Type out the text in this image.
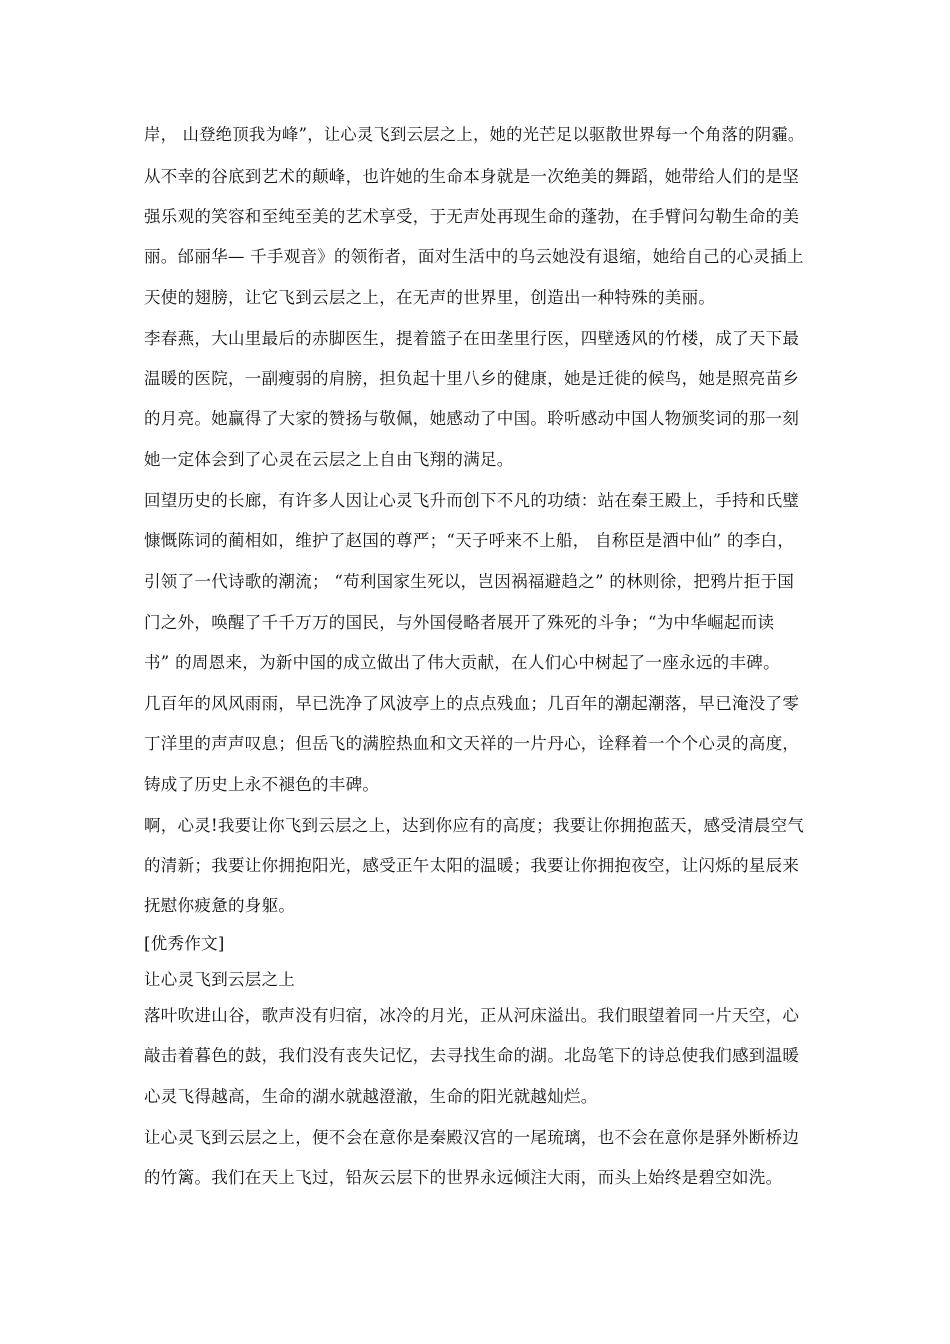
岸， 山登绝顶我为峰”，让心灵飞到云层之上，她的光芒足以驱散世界每一个角落的阴霾。
从不幸的谷底到艺术的颠峰，也许她的生命本身就是一次绝美的舞蹈，她带给人们的是坚
强乐观的笑容和至纯至美的艺术享受，于无声处再现生命的蓬勃，在手臂问勾勒生命的美
丽。邰丽华— 千手观音》的领衔者，面对生活中的乌云她没有退缩，她给自己的心灵插上
天使的翅膀，让它飞到云层之上，在无声的世界里，创造出一种特殊的美丽。
李春燕，大山里最后的赤脚医生，提着篮子在田垄里行医，四壁透风的竹楼，成了天下最
温暖的医院，一副瘦弱的肩膀，担负起十里八乡的健康，她是迁徙的候鸟，她是照亮苗乡
的月亮。她赢得了大家的赞扬与敬佩，她感动了中国。聆听感动中国人物颁奖词的那一刻
她一定体会到了心灵在云层之上自由飞翔的满足。
回望历史的长廊，有许多人因让心灵飞升而创下不凡的功绩：站在秦王殿上，手持和氏璧
慷慨陈词的蔺相如，维护了赵国的尊严；“天子呼来不上船， 自称臣是酒中仙” 的李白，
引领了一代诗歌的潮流； “苟利国家生死以，岂因祸福避趋之” 的林则徐，把鸦片拒于国
门之外，唤醒了千千万万的国民，与外国侵略者展开了殊死的斗争；“为中华崛起而读
书” 的周恩来，为新中国的成立做出了伟大贡献，在人们心中树起了一座永远的丰碑。
几百年的风风雨雨，早已洗净了风波亭上的点点残血；几百年的潮起潮落，早已淹没了零
丁洋里的声声叹息；但岳飞的满腔热血和文天祥的一片丹心，诠释着一个个心灵的高度，
铸成了历史上永不褪色的丰碑。
啊，心灵!我要让你飞到云层之上，达到你应有的高度；我要让你拥抱蓝天，感受清晨空气
的清新；我要让你拥抱阳光，感受正午太阳的温暖；我要让你拥抱夜空，让闪烁的星辰来
抚慰你疲惫的身躯。
[优秀作文]
让心灵飞到云层之上
落叶吹进山谷，歌声没有归宿，冰冷的月光，正从河床溢出。我们眼望着同一片天空，心
敲击着暮色的鼓，我们没有丧失记忆，去寻找生命的湖。北岛笔下的诗总使我们感到温暖
心灵飞得越高，生命的湖水就越澄澈，生命的阳光就越灿烂。
让心灵飞到云层之上，便不会在意你是秦殿汉宫的一尾琉璃，也不会在意你是驿外断桥边
的竹篱。我们在天上飞过，铅灰云层下的世界永远倾注大雨，而头上始终是碧空如洗。
